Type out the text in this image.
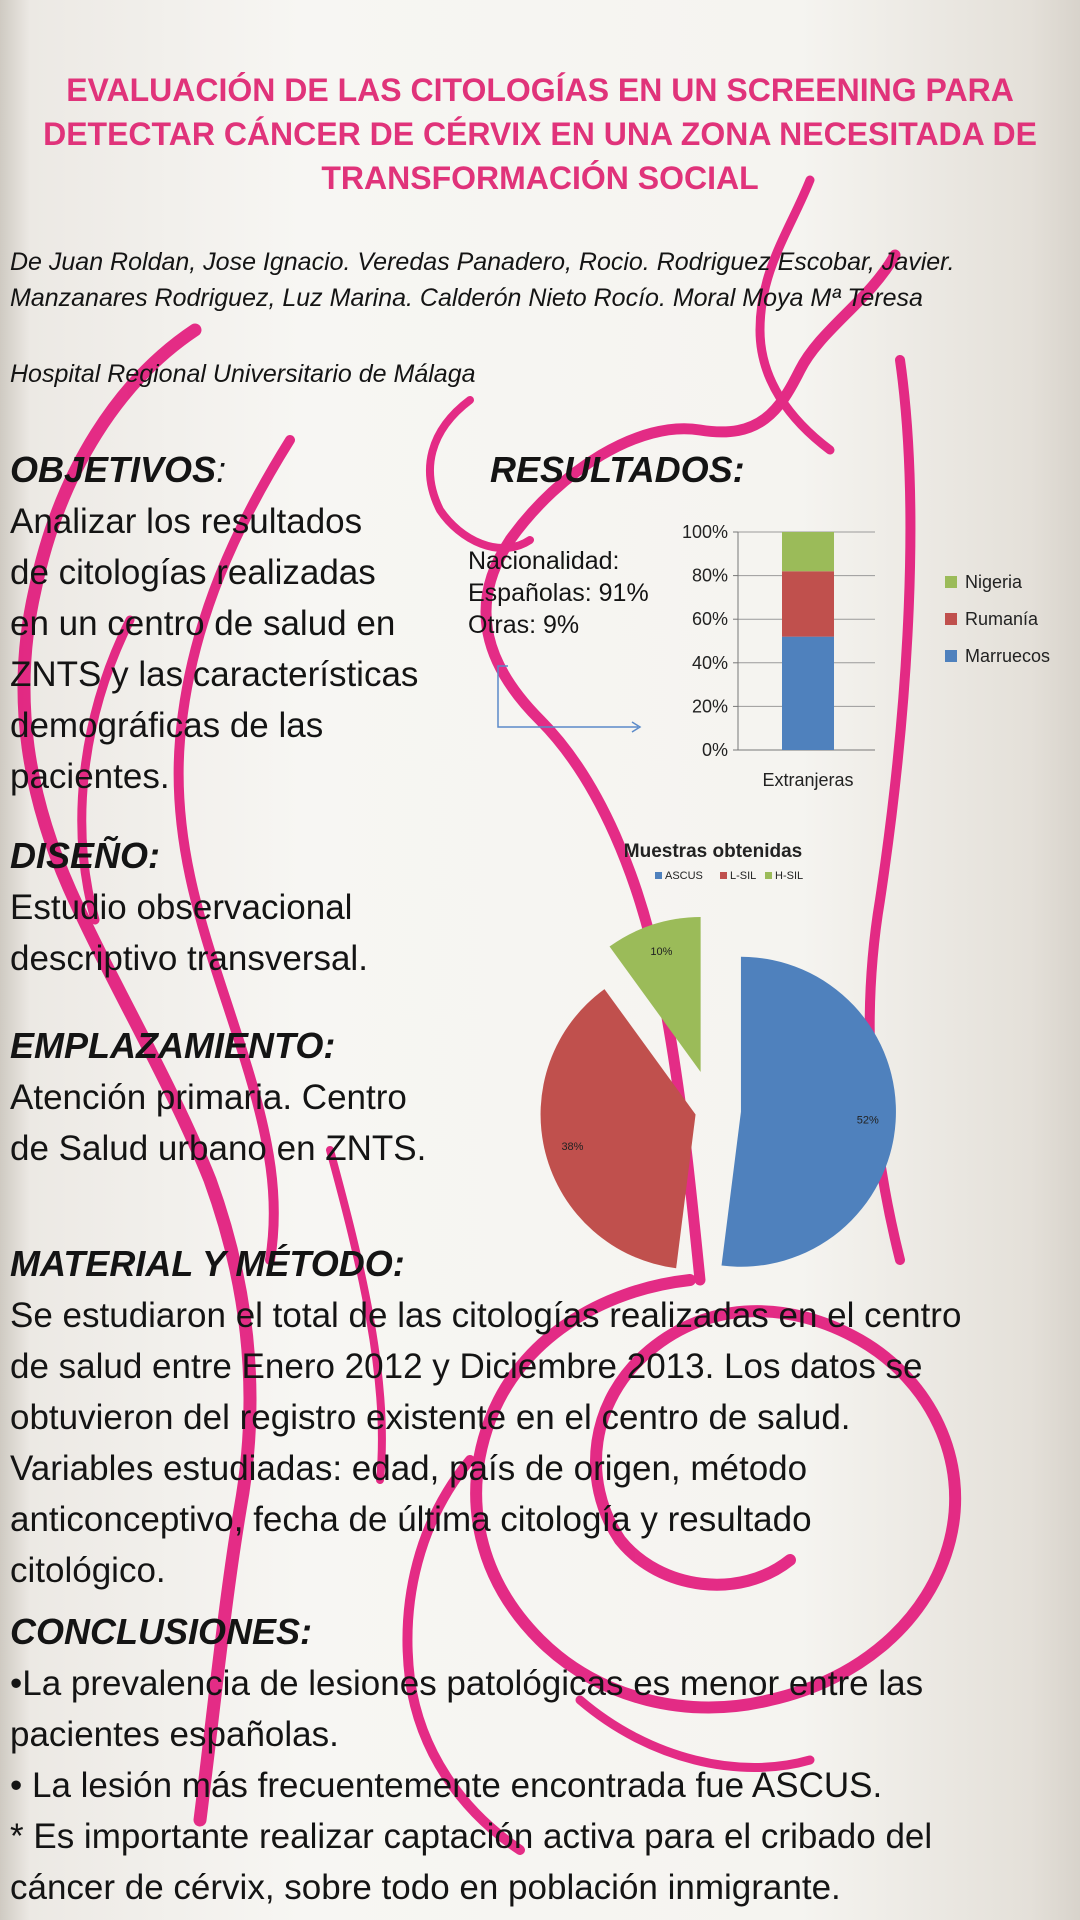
EVALUACIÓN DE LAS CITOLOGÍAS EN UN SCREENING PARA DETECTAR CÁNCER DE CÉRVIX EN UNA ZONA NECESITADA DE TRANSFORMACIÓN SOCIAL
De Juan Roldan, Jose Ignacio. Veredas Panadero, Rocio. Rodriguez Escobar, Javier.
Manzanares Rodriguez, Luz Marina. Calderón Nieto Rocío. Moral Moya Mª Teresa
Hospital Regional Universitario de Málaga
OBJETIVOS:
Analizar los resultados
de citologías realizadas
en un centro de salud en
ZNTS y las características
demográficas de las
pacientes.
DISEÑO:
Estudio observacional
descriptivo transversal.
EMPLAZAMIENTO:
Atención primaria. Centro
de Salud urbano en ZNTS.
MATERIAL Y MÉTODO:
Se estudiaron el total de las citologías realizadas en el centro
de salud entre Enero 2012 y Diciembre 2013. Los datos se
obtuvieron del registro existente en el centro de salud.
Variables estudiadas: edad, país de origen, método
anticonceptivo, fecha de última citología y resultado
citológico.
CONCLUSIONES:
•La prevalencia de lesiones patológicas es menor entre las
pacientes españolas.
• La lesión más frecuentemente encontrada fue ASCUS.
* Es importante realizar captación activa para el cribado del
cáncer de cérvix, sobre todo en población inmigrante.
RESULTADOS:
Nacionalidad:
Españolas: 91%
Otras: 9%
0%
20%
40%
60%
80%
100%
Extranjeras
Nigeria
Rumanía
Marruecos
Muestras obtenidas
ASCUS L-SIL H-SIL
52%
38%
10%
